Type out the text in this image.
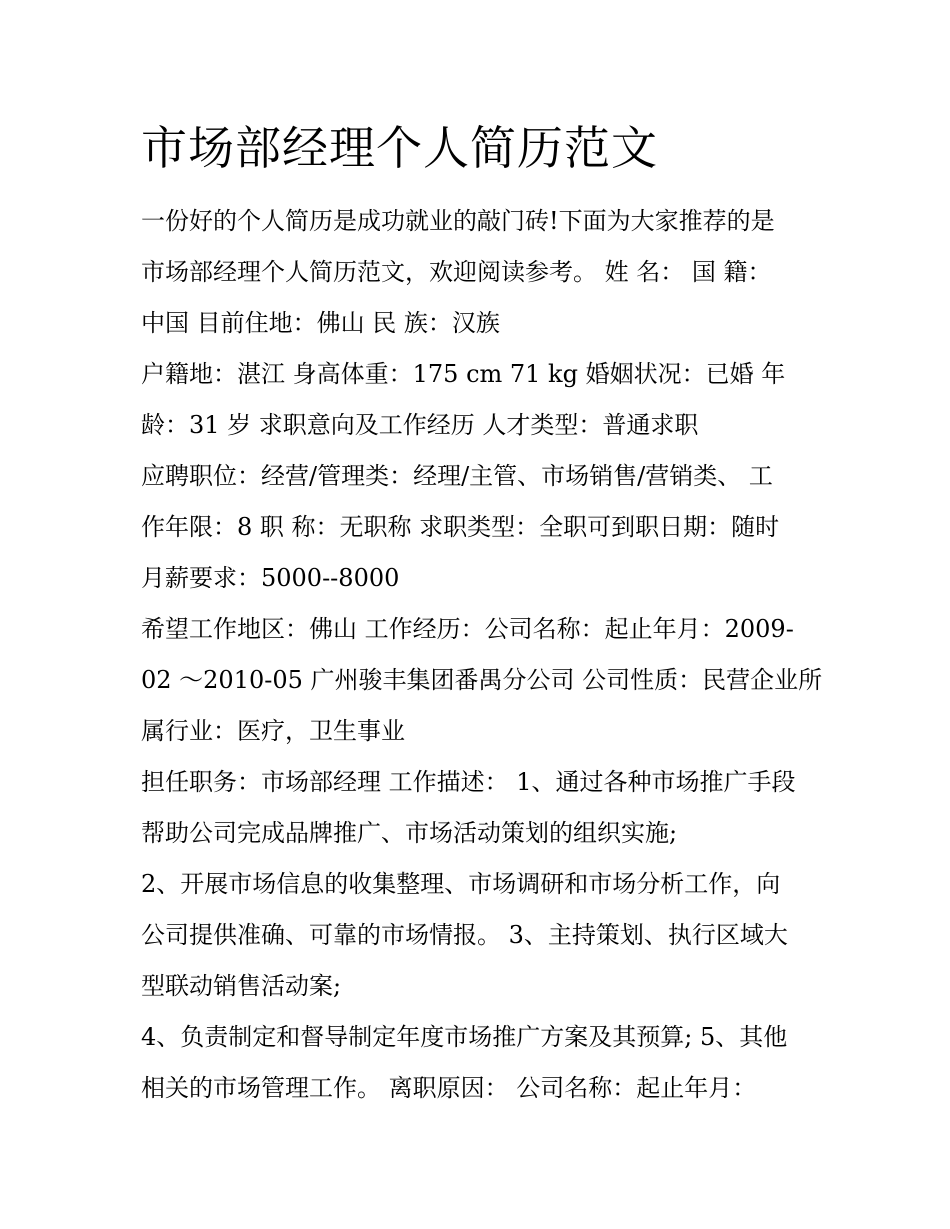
市场部经理个人简历范文
一份好的个人简历是成功就业的敲门砖!下面为大家推荐的是
市场部经理个人简历范文，欢迎阅读参考。 姓 名： 国 籍：
中国 目前住地：佛山 民 族：汉族
户籍地：湛江 身高体重：175 cm 71 kg 婚姻状况：已婚 年
龄：31 岁 求职意向及工作经历 人才类型：普通求职
应聘职位：经营/管理类：经理/主管、市场销售/营销类、 工
作年限：8 职 称：无职称 求职类型：全职可到职日期：随时
月薪要求：5000--8000
希望工作地区：佛山 工作经历：公司名称：起止年月：2009-
02 ～2010-05 广州骏丰集团番禺分公司 公司性质：民营企业所
属行业：医疗，卫生事业
担任职务：市场部经理 工作描述： 1、通过各种市场推广手段
帮助公司完成品牌推广、市场活动策划的组织实施;
2、开展市场信息的收集整理、市场调研和市场分析工作，向
公司提供准确、可靠的市场情报。 3、主持策划、执行区域大
型联动销售活动案;
4、负责制定和督导制定年度市场推广方案及其预算; 5、其他
相关的市场管理工作。 离职原因： 公司名称：起止年月：
